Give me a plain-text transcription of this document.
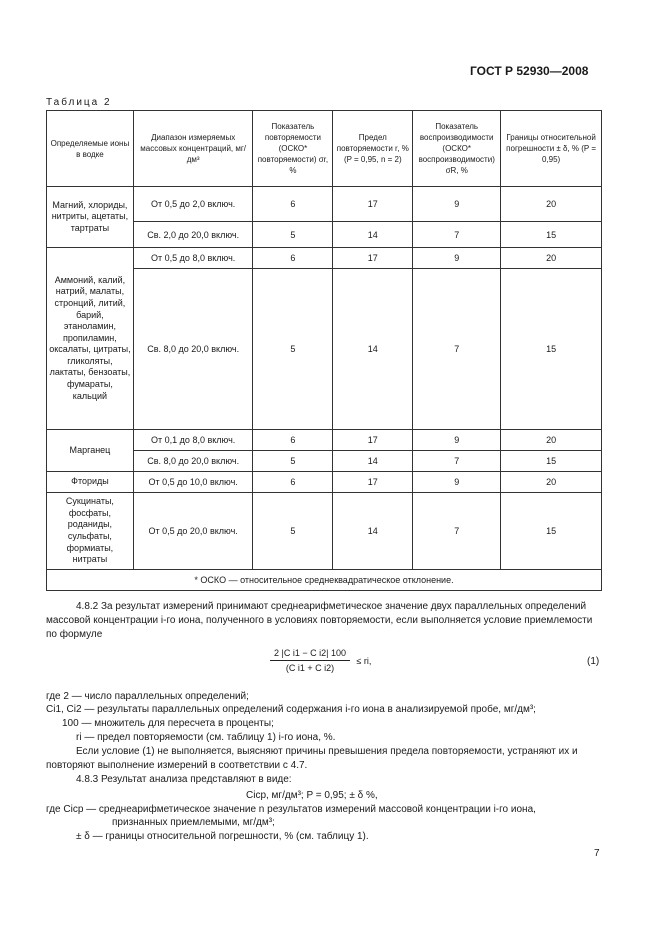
ГОСТ Р 52930—2008
Таблица 2
Определяемые ионы в водке	Диапазон измеряемых массовых концентраций, мг/дм³	Показатель повторяемости (ОСКО* повторяемости) σr, %	Предел повторяемости r, % (P = 0,95, n = 2)	Показатель воспроизводимости (ОСКО* воспроизводимости) σR, %	Границы относительной погрешности ± δ, % (P = 0,95)
Магний, хлориды, нитриты, ацетаты, тартраты	От 0,5 до 2,0 включ.	6	17	9	20
	Св. 2,0 до 20,0 включ.	5	14	7	15
Аммоний, калий, натрий, малаты, стронций, литий, барий, этаноламин, пропиламин, оксалаты, цитраты, гликоляты, лактаты, бензоаты, фумараты, кальций	От 0,5 до 8,0 включ.	6	17	9	20
	Св. 8,0 до 20,0 включ.	5	14	7	15
Марганец	От 0,1 до 8,0 включ.	6	17	9	20
	Св. 8,0 до 20,0 включ.	5	14	7	15
Фториды	От 0,5 до 10,0 включ.	6	17	9	20
Сукцинаты, фосфаты, роданиды, сульфаты, формиаты, нитраты	От 0,5 до 20,0 включ.	5	14	7	15
* ОСКО — относительное среднеквадратическое отклонение.					
4.8.2 За результат измерений принимают среднеарифметическое значение двух параллельных определений массовой концентрации i-го иона, полученного в условиях повторяемости, если выполняется условие приемлемости по формуле
$\frac{\text{2 |C i1 − C i2| 100}}{\text{(C i1 + C i2)}}$ ≤ ri,	(1)
где 2 — число параллельных определений;
Ci1, Ci2 — результаты параллельных определений содержания i-го иона в анализируемой пробе, мг/дм³;
100 — множитель для пересчета в проценты;
ri — предел повторяемости (см. таблицу 1) i-го иона, %.
Если условие (1) не выполняется, выясняют причины превышения предела повторяемости, устраняют их и повторяют выполнение измерений в соответствии с 4.7.
4.8.3 Результат анализа представляют в виде:
Ciср, мг/дм³; P = 0,95; ± δ %,
где Ciср — среднеарифметическое значение n результатов измерений массовой концентрации i-го иона,
признанных приемлемыми, мг/дм³;
± δ — границы относительной погрешности, % (см. таблицу 1).
7
